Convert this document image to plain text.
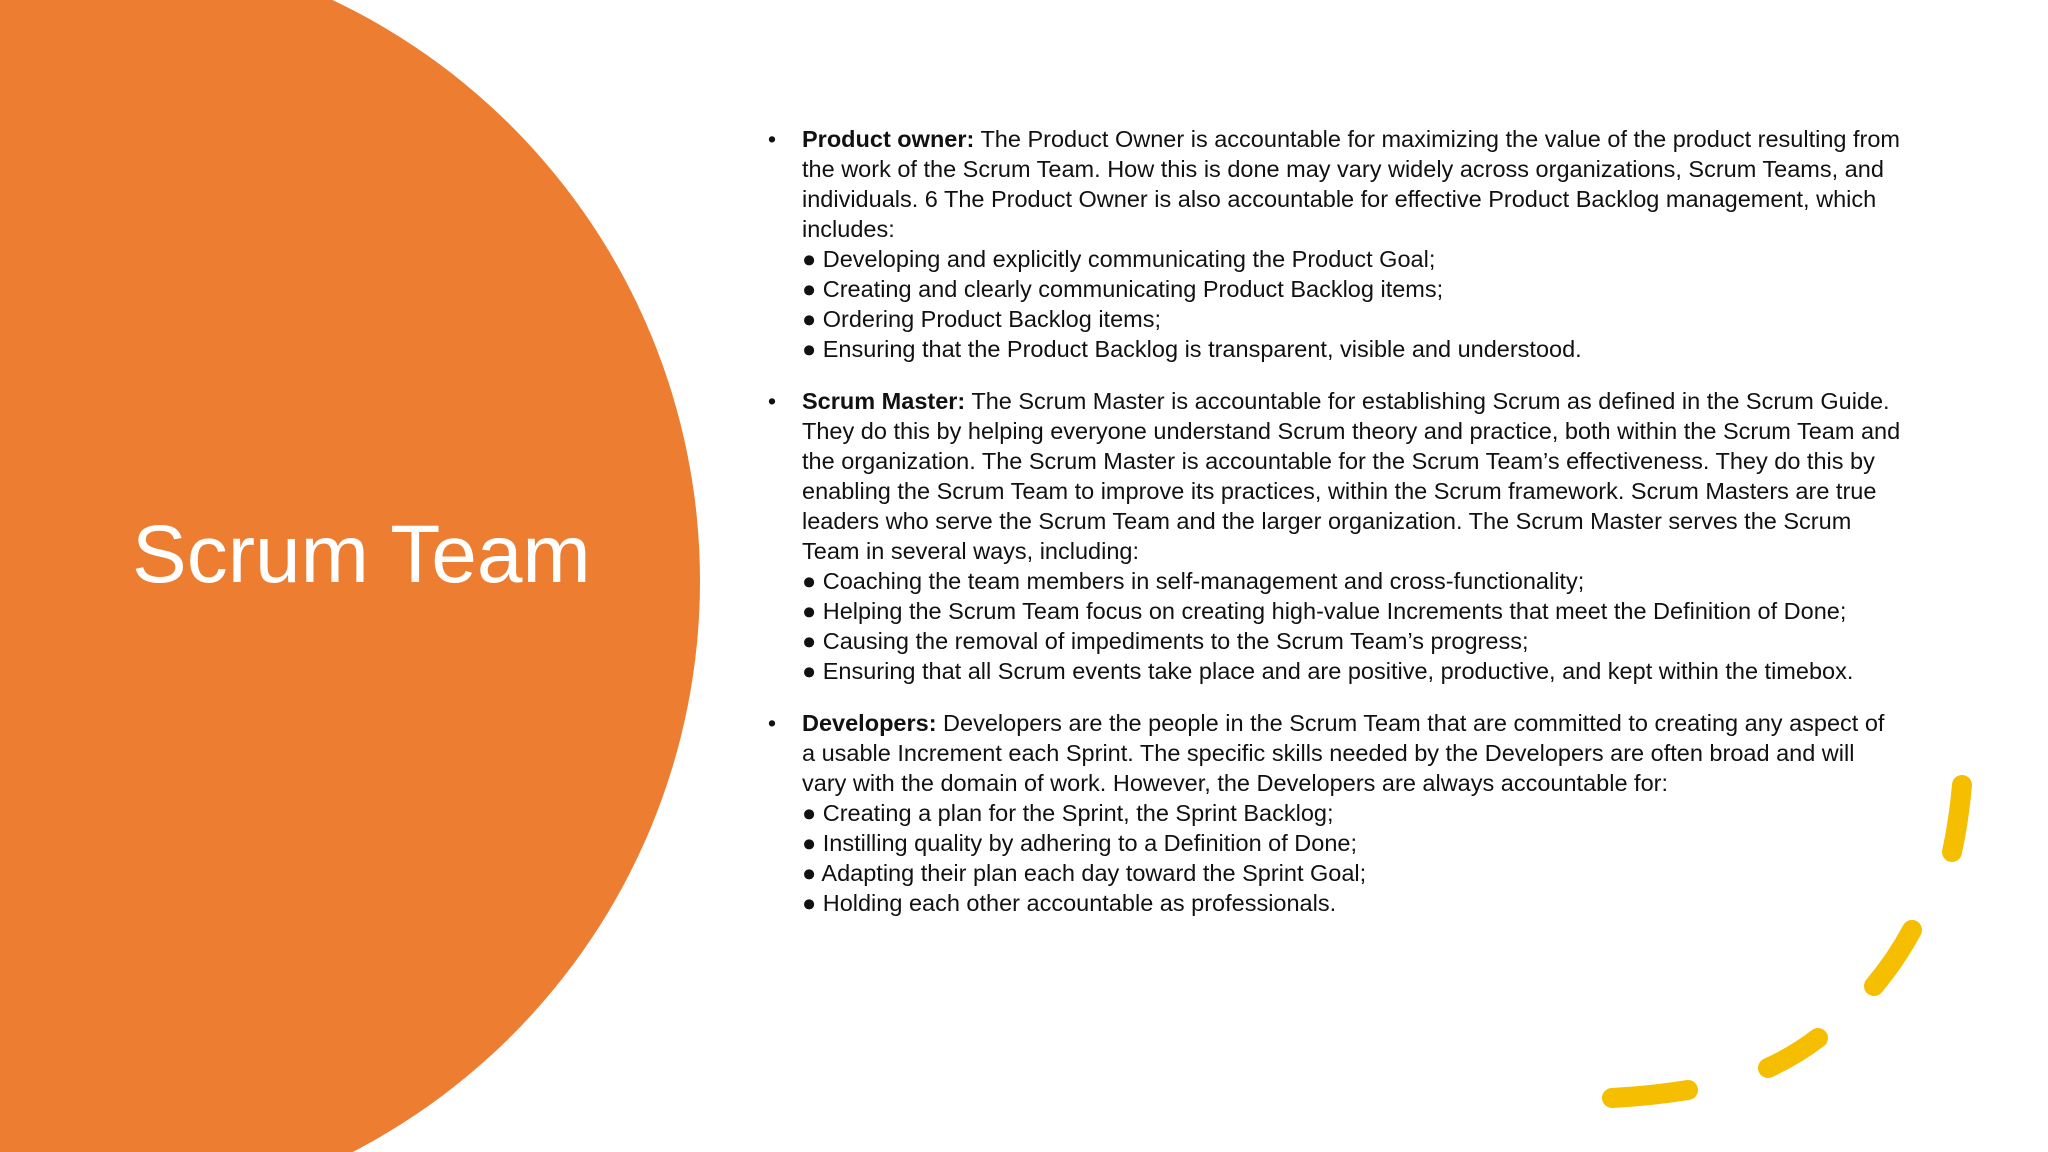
Scrum Team
• Product owner: The Product Owner is accountable for maximizing the value of the product resulting from the work of the Scrum Team. How this is done may vary widely across organizations, Scrum Teams, and individuals. 6 The Product Owner is also accountable for effective Product Backlog management, which includes:

● Developing and explicitly communicating the Product Goal;
● Creating and clearly communicating Product Backlog items;
● Ordering Product Backlog items;
● Ensuring that the Product Backlog is transparent, visible and understood.
• Scrum Master: The Scrum Master is accountable for establishing Scrum as defined in the Scrum Guide. They do this by helping everyone understand Scrum theory and practice, both within the Scrum Team and the organization. The Scrum Master is accountable for the Scrum Team’s effectiveness. They do this by enabling the Scrum Team to improve its practices, within the Scrum framework. Scrum Masters are true leaders who serve the Scrum Team and the larger organization. The Scrum Master serves the Scrum Team in several ways, including:

● Coaching the team members in self-management and cross-functionality;
● Helping the Scrum Team focus on creating high-value Increments that meet the Definition of Done;
● Causing the removal of impediments to the Scrum Team’s progress;
● Ensuring that all Scrum events take place and are positive, productive, and kept within the timebox.
• Developers: Developers are the people in the Scrum Team that are committed to creating any aspect of a usable Increment each Sprint. The specific skills needed by the Developers are often broad and will vary with the domain of work. However, the Developers are always accountable for:

● Creating a plan for the Sprint, the Sprint Backlog;
● Instilling quality by adhering to a Definition of Done;
● Adapting their plan each day toward the Sprint Goal;
● Holding each other accountable as professionals.
